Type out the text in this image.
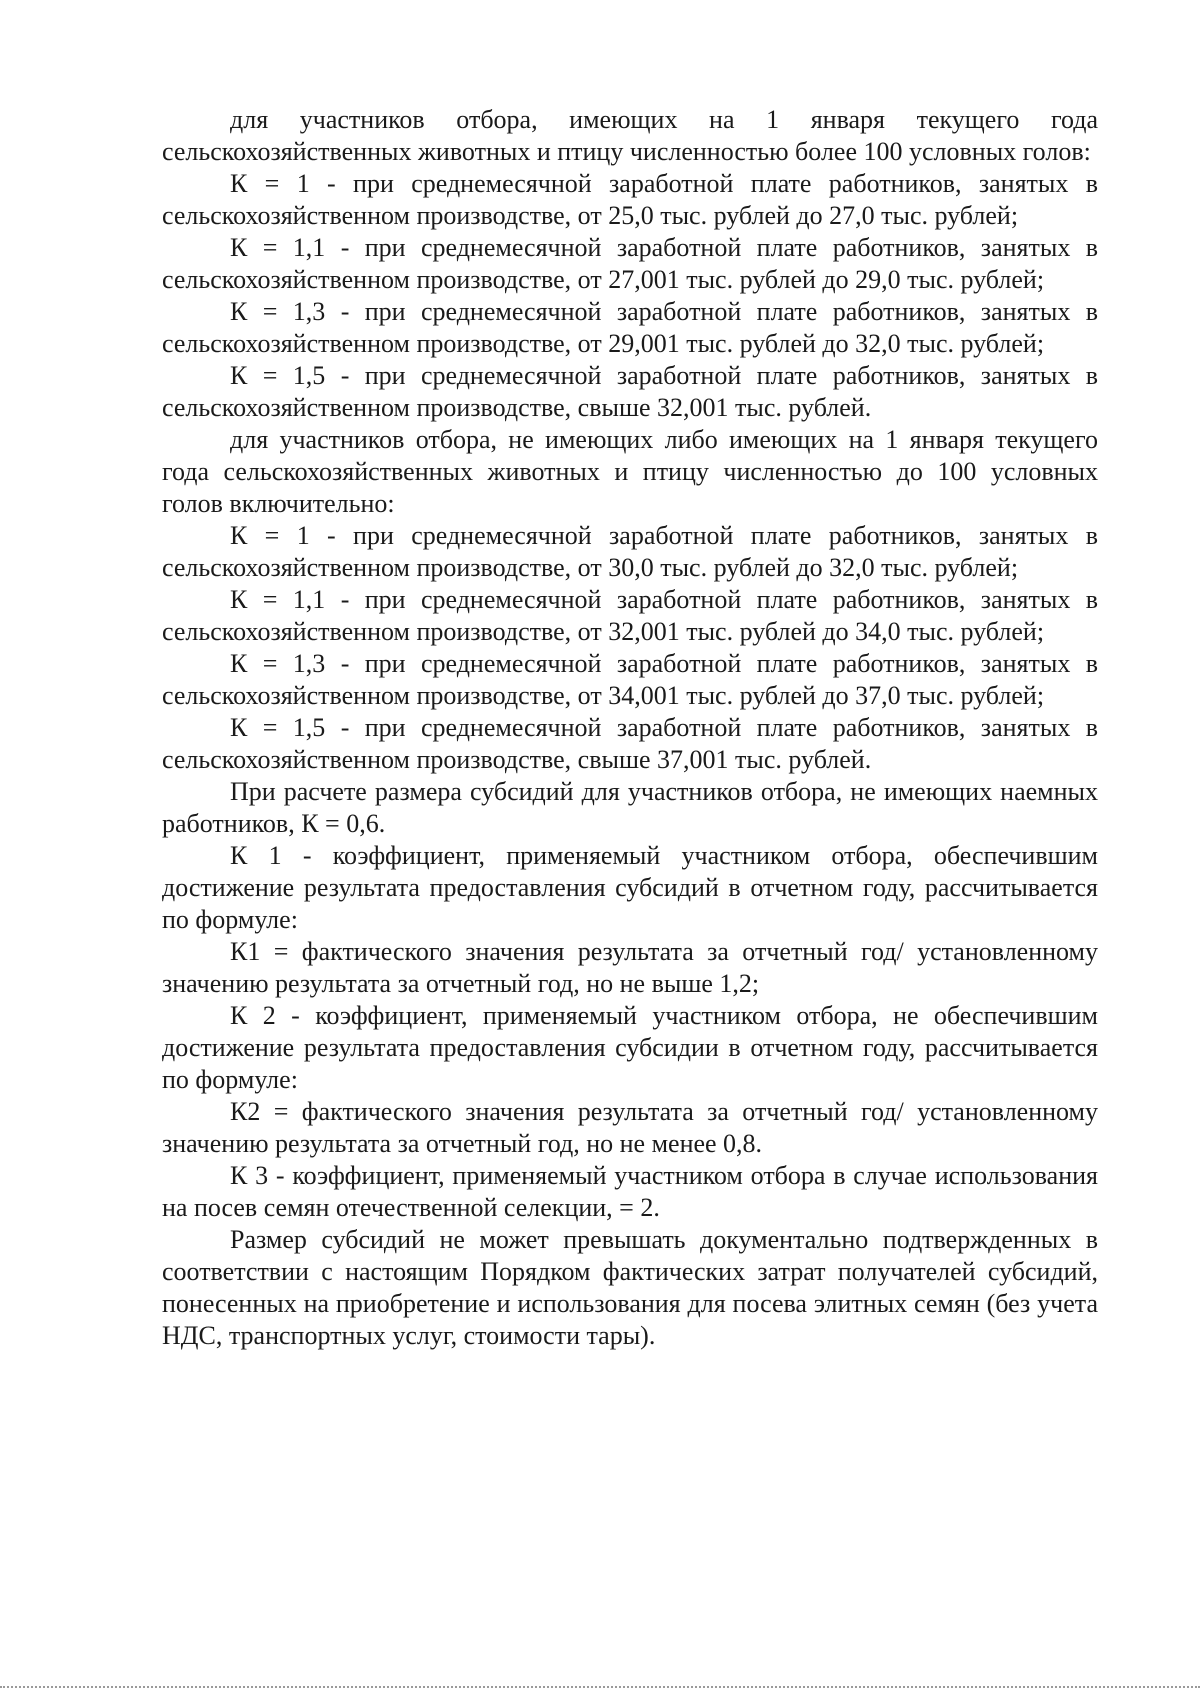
для участников отбора, имеющих на 1 января текущего года сельскохозяйственных животных и птицу численностью более 100 условных голов:

К = 1 - при среднемесячной заработной плате работников, занятых в сельскохозяйственном производстве, от 25,0 тыс. рублей до 27,0 тыс. рублей;

К = 1,1 - при среднемесячной заработной плате работников, занятых в сельскохозяйственном производстве, от 27,001 тыс. рублей до 29,0 тыс. рублей;

К = 1,3 - при среднемесячной заработной плате работников, занятых в сельскохозяйственном производстве, от 29,001 тыс. рублей до 32,0 тыс. рублей;

К = 1,5 - при среднемесячной заработной плате работников, занятых в сельскохозяйственном производстве, свыше 32,001 тыс. рублей.

для участников отбора, не имеющих либо имеющих на 1 января текущего года сельскохозяйственных животных и птицу численностью до 100 условных голов включительно:

К = 1 - при среднемесячной заработной плате работников, занятых в сельскохозяйственном производстве, от 30,0 тыс. рублей до 32,0 тыс. рублей;

К = 1,1 - при среднемесячной заработной плате работников, занятых в сельскохозяйственном производстве, от 32,001 тыс. рублей до 34,0 тыс. рублей;

К = 1,3 - при среднемесячной заработной плате работников, занятых в сельскохозяйственном производстве, от 34,001 тыс. рублей до 37,0 тыс. рублей;

К = 1,5 - при среднемесячной заработной плате работников, занятых в сельскохозяйственном производстве, свыше 37,001 тыс. рублей.

При расчете размера субсидий для участников отбора, не имеющих наемных работников, К = 0,6.

К 1 - коэффициент, применяемый участником отбора, обеспечившим достижение результата предоставления субсидий в отчетном году, рассчитывается по формуле:

К1 = фактического значения результата за отчетный год/ установленному значению результата за отчетный год, но не выше 1,2;

К 2 - коэффициент, применяемый участником отбора, не обеспечившим достижение результата предоставления субсидии в отчетном году, рассчитывается по формуле:

К2 = фактического значения результата за отчетный год/ установленному значению результата за отчетный год, но не менее 0,8.

К 3 - коэффициент, применяемый участником отбора в случае использования на посев семян отечественной селекции, = 2.

Размер субсидий не может превышать документально подтвержденных в соответствии с настоящим Порядком фактических затрат получателей субсидий, понесенных на приобретение и использования для посева элитных семян (без учета НДС, транспортных услуг, стоимости тары).
